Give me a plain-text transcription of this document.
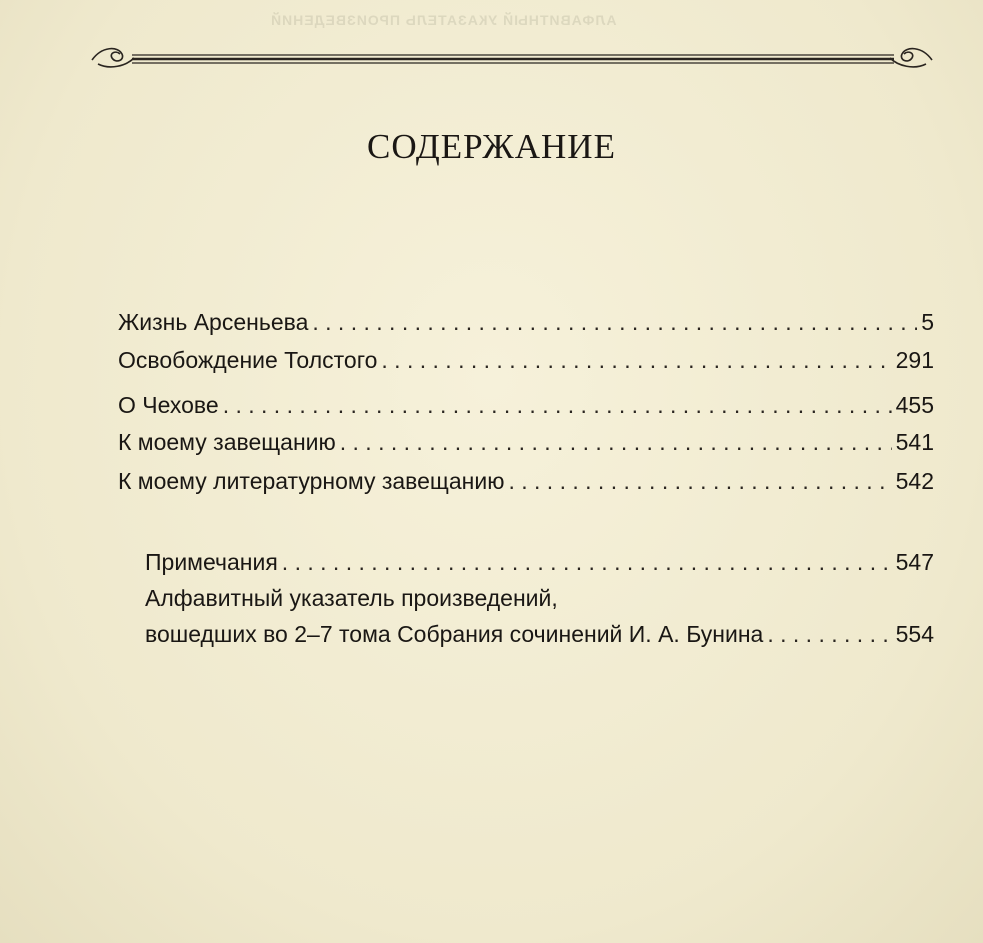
АЛФАВИТНЫЙ УКАЗАТЕЛЬ ПРОИЗВЕДЕНИЙ
СОДЕРЖАНИЕ
Жизнь Арсеньева . . .	5
Освобождение Толстого . . .	291
О Чехове . . .	455
К моему завещанию . . .	541
К моему литературному завещанию . . .	542
Примечания . . .	547
Алфавитный указатель произведений,
вошедших во 2–7 тома Собрания сочинений И. А. Бунина . . .	554
